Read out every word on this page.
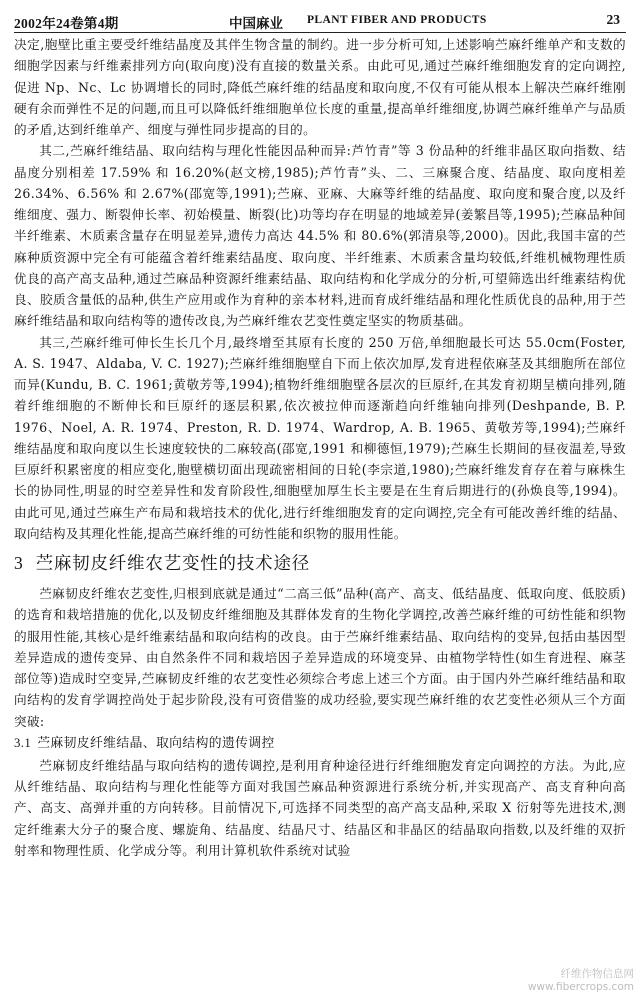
2002年24卷第4期	中国麻业 PLANT FIBER AND PRODUCTS	23

决定,胞壁比重主要受纤维结晶度及其伴生物含量的制约。进一步分析可知,上述影响苎麻纤维单产和支数的细胞学因素与纤维素排列方向(取向度)没有直接的数量关系。由此可见,通过苎麻纤维细胞发育的定向调控,促进 Np、Nc、Lc 协调增长的同时,降低苎麻纤维的结晶度和取向度,不仅有可能从根本上解决苎麻纤维刚硬有余而弹性不足的问题,而且可以降低纤维细胞单位长度的重量,提高单纤维细度,协调苎麻纤维单产与品质的矛盾,达到纤维单产、细度与弹性同步提高的目的。

其二,苎麻纤维结晶、取向结构与理化性能因品种而异:芦竹青”等 3 份品种的纤维非晶区取向指数、结晶度分别相差 17.59% 和 16.20%(赵文榜,1985);芦竹青”头、二、三麻聚合度、结晶度、取向度相差 26.34%、6.56% 和 2.67%(邵宽等,1991);苎麻、亚麻、大麻等纤维的结晶度、取向度和聚合度,以及纤维细度、强力、断裂伸长率、初始模量、断裂(比)功等均存在明显的地域差异(姜繁昌等,1995);苎麻品种间半纤维素、木质素含量存在明显差异,遗传力高达 44.5% 和 80.6%(郭清泉等,2000)。因此,我国丰富的苎麻种质资源中完全有可能蕴含着纤维素结晶度、取向度、半纤维素、木质素含量均较低,纤维机械物理性质优良的高产高支品种,通过苎麻品种资源纤维素结晶、取向结构和化学成分的分析,可望筛选出纤维素结构优良、胶质含量低的品种,供生产应用或作为育种的亲本材料,进而育成纤维结晶和理化性质优良的品种,用于苎麻纤维结晶和取向结构等的遗传改良,为苎麻纤维农艺变性奠定坚实的物质基础。

其三,苎麻纤维可伸长生长几个月,最终增至其原有长度的 250 万倍,单细胞最长可达 55.0cm(Foster, A. S. 1947、Aldaba, V. C. 1927);苎麻纤维细胞壁自下而上依次加厚,发育进程依麻茎及其细胞所在部位而异(Kundu, B. C. 1961;黄敬芳等,1994);植物纤维细胞壁各层次的巨原纤,在其发育初期呈横向排列,随着纤维细胞的不断伸长和巨原纤的逐层积累,依次被拉伸而逐渐趋向纤维轴向排列(Deshpande, B. P. 1976、Noel, A. R. 1974、Preston, R. D. 1974、Wardrop, A. B. 1965、黄敬芳等,1994);苎麻纤维结晶度和取向度以生长速度较快的二麻较高(邵宽,1991 和柳德恒,1979);苎麻生长期间的昼夜温差,导致巨原纤积累密度的相应变化,胞壁横切面出现疏密相间的日轮(李宗道,1980);苎麻纤维发育存在着与麻株生长的协同性,明显的时空差异性和发育阶段性,细胞壁加厚生长主要是在生育后期进行的(孙焕良等,1994)。由此可见,通过苎麻生产布局和栽培技术的优化,进行纤维细胞发育的定向调控,完全有可能改善纤维的结晶、取向结构及其理化性能,提高苎麻纤维的可纺性能和织物的服用性能。

3 苎麻韧皮纤维农艺变性的技术途径

苎麻韧皮纤维农艺变性,归根到底就是通过“二高三低”品种(高产、高支、低结晶度、低取向度、低胶质)的选育和栽培措施的优化,以及韧皮纤维细胞及其群体发育的生物化学调控,改善苎麻纤维的可纺性能和织物的服用性能,其核心是纤维素结晶和取向结构的改良。由于苎麻纤维素结晶、取向结构的变异,包括由基因型差异造成的遗传变异、由自然条件不同和栽培因子差异造成的环境变异、由植物学特性(如生育进程、麻茎部位等)造成时空变异,苎麻韧皮纤维的农艺变性必须综合考虑上述三个方面。由于国内外苎麻纤维结晶和取向结构的发育学调控尚处于起步阶段,没有可资借鉴的成功经验,要实现苎麻纤维的农艺变性必须从三个方面突破:

3.1 苎麻韧皮纤维结晶、取向结构的遗传调控

苎麻韧皮纤维结晶与取向结构的遗传调控,是利用育种途径进行纤维细胞发育定向调控的方法。为此,应从纤维结晶、取向结构与理化性能等方面对我国苎麻品种资源进行系统分析,并实现高产、高支育种向高产、高支、高弹并重的方向转移。目前情况下,可选择不同类型的高产高支品种,采取 X 衍射等先进技术,测定纤维素大分子的聚合度、螺旋角、结晶度、结晶尺寸、结晶区和非晶区的结晶取向指数,以及纤维的双折射率和物理性质、化学成分等。利用计算机软件系统对试验

纤维作物信息网
www.fibercrops.com
